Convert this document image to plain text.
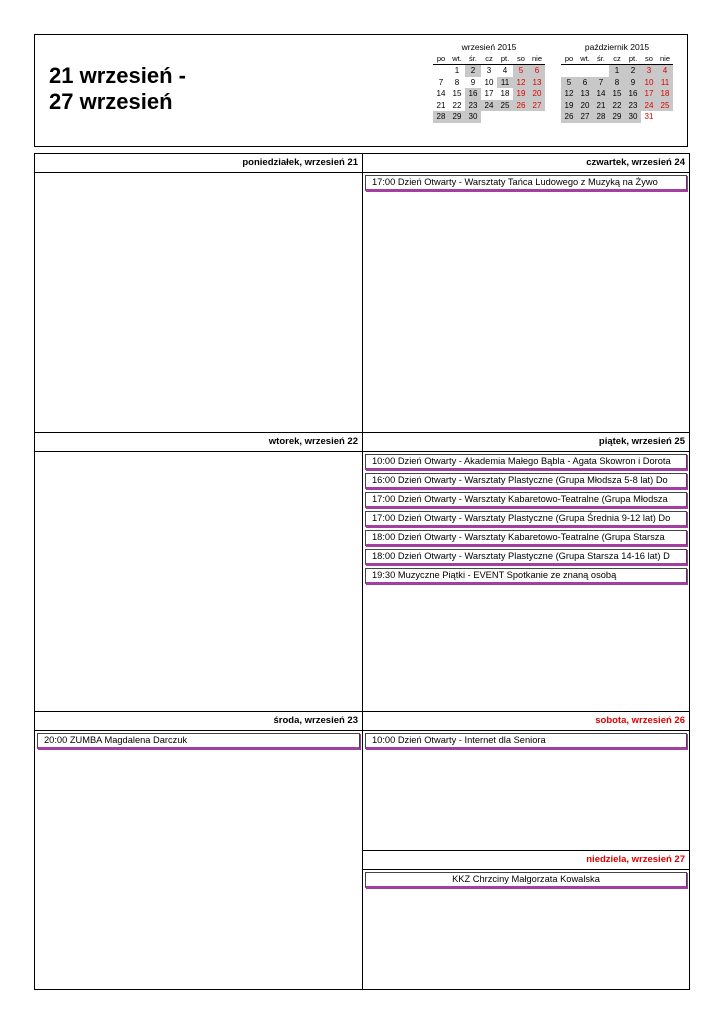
21 wrzesień -
27 wrzesień
wrzesień 2015
po	wt.	śr.	cz	pt.	so	nie
	1	2	3	4	5	6
7	8	9	10	11	12	13
14	15	16	17	18	19	20
21	22	23	24	25	26	27
28	29	30				
październik 2015
po	wt.	śr.	cz	pt.	so	nie
			1	2	3	4
5	6	7	8	9	10	11
12	13	14	15	16	17	18
19	20	21	22	23	24	25
26	27	28	29	30	31	
poniedziałek, wrzesień 21	czwartek, wrzesień 24
17:00 Dzień Otwarty - Warsztaty Tańca Ludowego z Muzyką na Żywo
wtorek, wrzesień 22	piątek, wrzesień 25
10:00 Dzień Otwarty - Akademia Małego Bąbla - Agata Skowron i Dorota
16:00 Dzień Otwarty - Warsztaty Plastyczne (Grupa Młodsza 5-8 lat) Do
17:00 Dzień Otwarty - Warsztaty Kabaretowo-Teatralne (Grupa Młodsza
17:00 Dzień Otwarty - Warsztaty Plastyczne (Grupa Średnia 9-12 lat) Do
18:00 Dzień Otwarty - Warsztaty Kabaretowo-Teatralne (Grupa Starsza
18:00 Dzień Otwarty - Warsztaty Plastyczne (Grupa Starsza 14-16 lat) D
19:30 Muzyczne Piątki - EVENT Spotkanie ze znaną osobą
środa, wrzesień 23
20:00 ZUMBA Magdalena Darczuk
sobota, wrzesień 26
10:00 Dzień Otwarty - Internet dla Seniora
niedziela, wrzesień 27
KKZ Chrzciny Małgorzata Kowalska
